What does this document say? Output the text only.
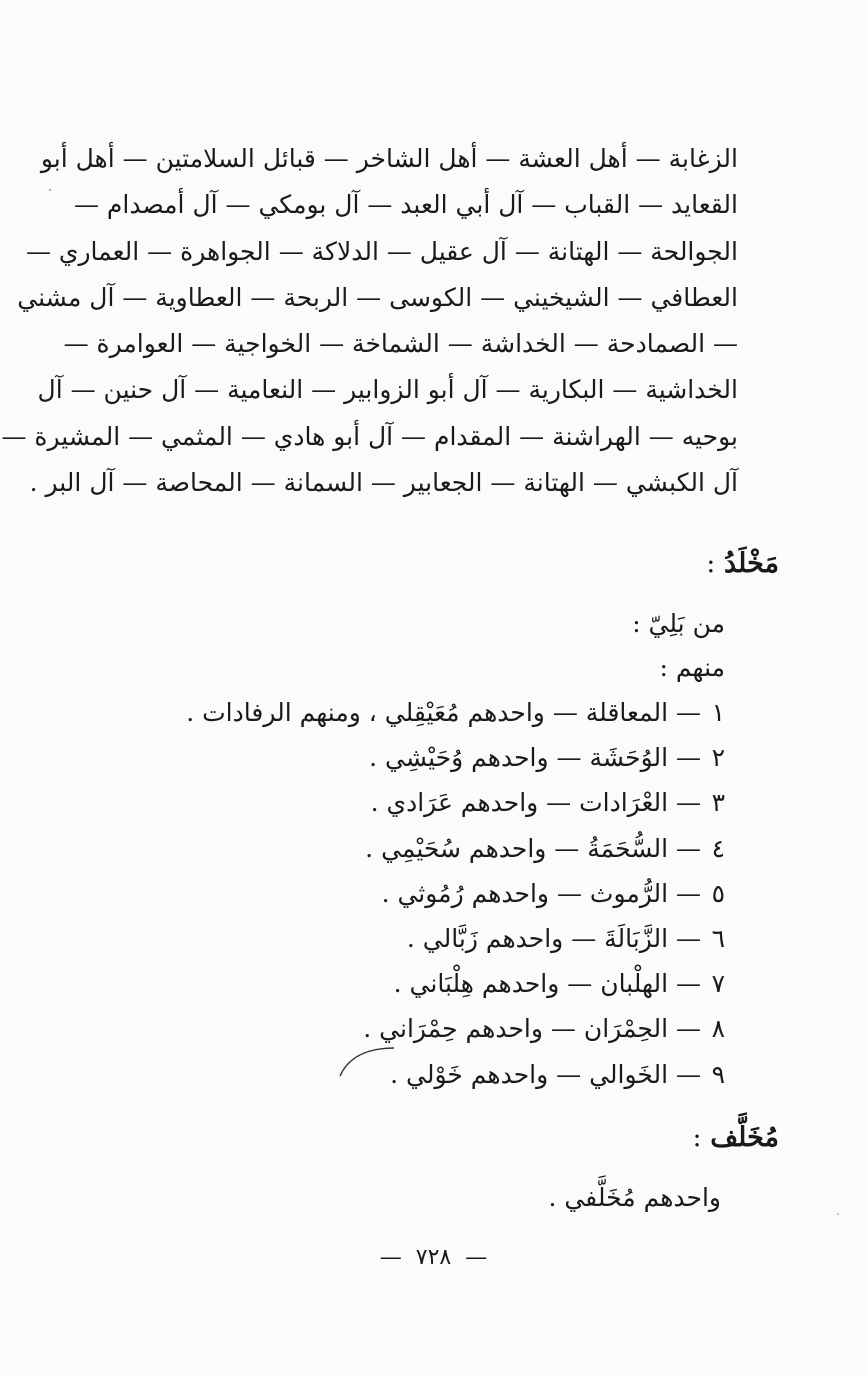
الزغابة — أهل العشة — أهل الشاخر — قبائل السلامتين — أهل أبو
القعايد — القباب — آل أبي العبد — آل بومكي — آل أمصدام —
الجوالحة — الهتانة — آل عقيل — الدلاكة — الجواهرة — العماري —
العطافي — الشيخيني — الكوسى — الربحة — العطاوية — آل مشني
— الصمادحة — الخداشة — الشماخة — الخواجية — العوامرة —
الخداشية — البكارية — آل أبو الزوابير — النعامية — آل حنين — آل
بوحيه — الهراشنة — المقدام — آل أبو هادي — المثمي — المشيرة —
آل الكبشي — الهتانة — الجعابير — السمانة — المحاصة — آل البر .
مَخْلَدُ :
من بَلِيّ :
منهم :
١ — المعاقلة — واحدهم مُعَيْقِلي ، ومنهم الرفادات .
٢ — الوُحَشَة — واحدهم وُحَيْشِي .
٣ — العْرَادات — واحدهم عَرَادي .
٤ — السُّحَمَةُ — واحدهم سُحَيْمِي .
٥ — الرُّموث — واحدهم رُمُوثي .
٦ — الزَّبَالَةَ — واحدهم زَبَّالي .
٧ — الهلْبان — واحدهم هِلْبَاني .
٨ — الحِمْرَان — واحدهم حِمْرَاني .
٩ — الخَوالي — واحدهم خَوْلي .
مُخَلَّف :
واحدهم مُخَلَّفي .
— ٧٢٨ —
